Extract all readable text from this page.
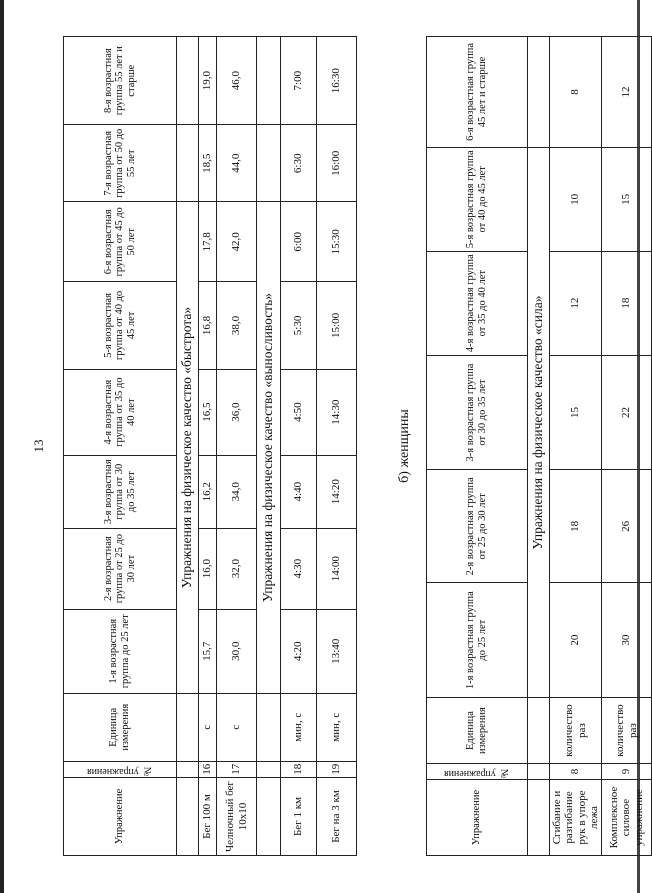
13
Упражнение	№ упражнения	Единица измерения	1-я возрастная группа до 25 лет	2-я возрастная группа от 25 до 30 лет	3-я возрастная группа от 30 до 35 лет	4-я возрастная группа от 35 до 40 лет	5-я возрастная группа от 40 до 45 лет	6-я возрастная группа от 45 до 50 лет	7-я возрастная группа от 50 до 55 лет	8-я возрастная группа 55 лет и старше
			Упражнения на физическое качество «быстрота»							
Бег 100 м	16	с	15,7	16,0	16,2	16,5	16,8	17,8	18,5	19,0
Челночный бег 10х10	17	с	30,0	32,0	34,0	36,0	38,0	42,0	44,0	46,0
			Упражнения на физическое качество «выносливость»							
Бег 1 км	18	мин, с	4:20	4:30	4:40	4:50	5:30	6:00	6:30	7:00
Бег на 3 км	19	мин, с	13:40	14:00	14:20	14:30	15:00	15:30	16:00	16:30
б) женщины
Упражнение	№ упражнения	Единица измерения	1-я возрастная группа до 25 лет	2-я возрастная группа от 25 до 30 лет	3-я возрастная группа от 30 до 35 лет	4-я возрастная группа от 35 до 40 лет	5-я возрастная группа от 40 до 45 лет	6-я возрастная группа 45 лет и старше
			Упражнения на физическое качество «сила»					
Сгибание и разгибание рук в упоре лежа	8	количество раз	20	18	15	12	10	8
Комплексное силовое упражнение	9	количество раз	30	26	22	18	15	12
